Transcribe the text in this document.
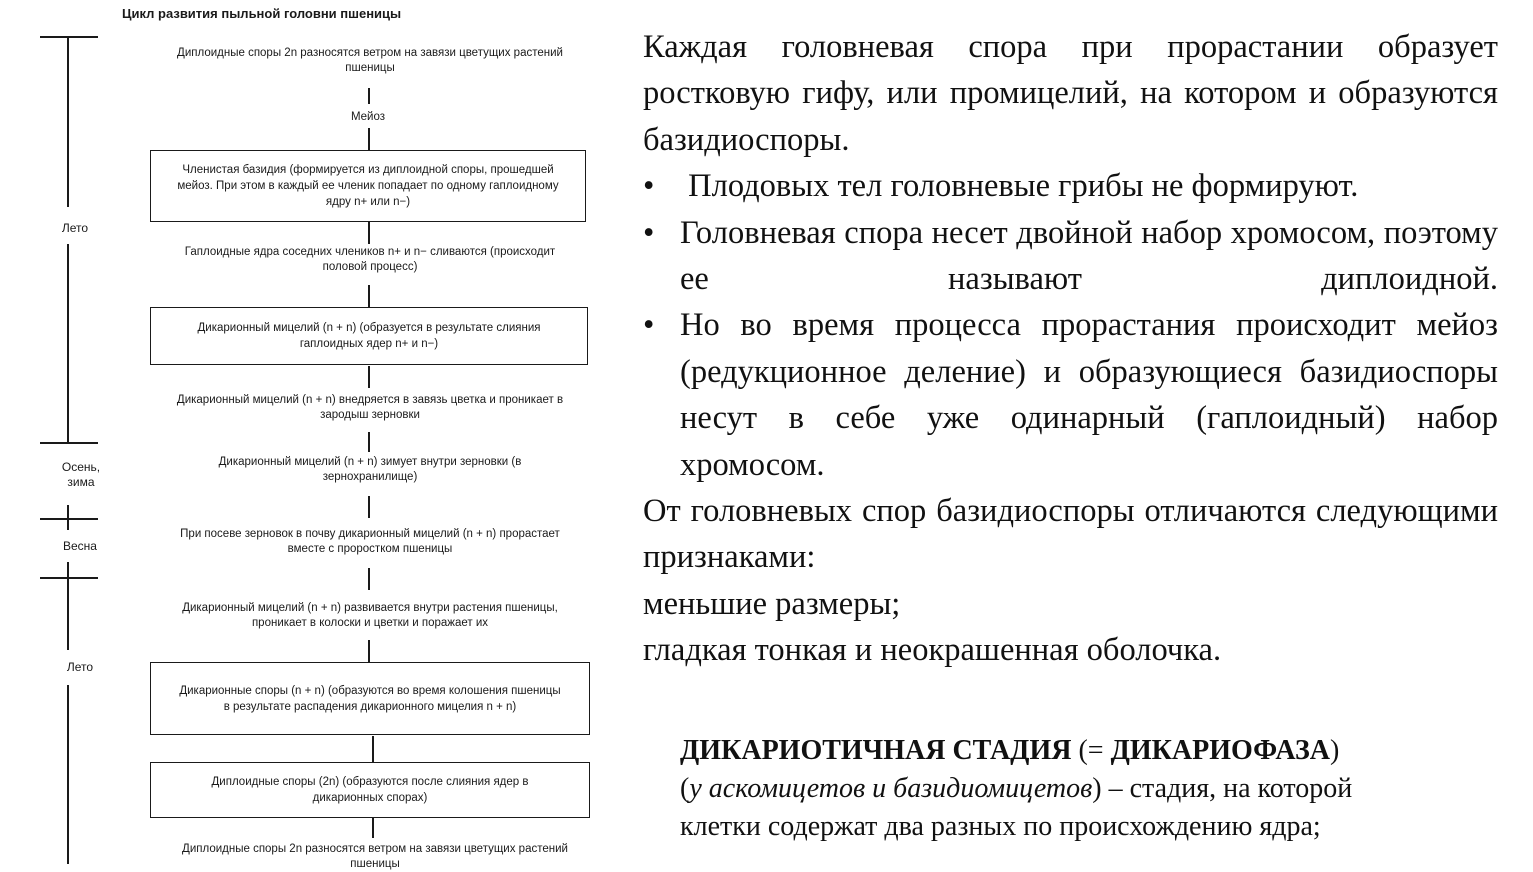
Цикл развития пыльной головни пшеницы
Лето
Осень,
зима
Весна
Лето
Диплоидные споры 2n разносятся ветром на завязи цветущих растений пшеницы
Мейоз
Членистая базидия (формируется из диплоидной споры, прошедшей мейоз. При этом в каждый ее членик попадает по одному гаплоидному ядру n+ или n−)
Гаплоидные ядра соседних члеников n+ и n− сливаются (происходит половой процесс)
Дикарионный мицелий (n + n) (образуется в результате слияния гаплоидных ядер n+ и n−)
Дикарионный мицелий (n + n) внедряется в завязь цветка и проникает в зародыш зерновки
Дикарионный мицелий (n + n) зимует внутри зерновки (в зернохранилище)
При посеве зерновок в почву дикарионный мицелий (n + n) прорастает вместе с проростком пшеницы
Дикарионный мицелий (n + n) развивается внутри растения пшеницы, проникает в колоски и цветки и поражает их
Дикарионные споры (n + n) (образуются во время колошения пшеницы в результате распадения дикарионного мицелия n + n)
Диплоидные споры (2n) (образуются после слияния ядер в дикарионных спорах)
Диплоидные споры 2n разносятся ветром на завязи цветущих растений пшеницы

Каждая головневая спора при прорастании образует ростковую гифу, или промицелий, на котором и образуются базидиоспоры.

• Плодовых тел головневые грибы не формируют.

• Головневая спора несет двойной набор хромосом, поэтому ее называют диплоидной.

• Но во время процесса прорастания происходит мейоз (редукционное деление) и образующиеся базидиоспоры несут в себе уже одинарный (гаплоидный) набор хромосом.

От головневых спор базидиоспоры отличаются следующими признаками:

меньшие размеры;

гладкая тонкая и неокрашенная оболочка.

ДИКАРИОТИЧНАЯ СТАДИЯ (= ДИКАРИОФАЗА)
(у аскомицетов и базидиомицетов) – стадия, на которой
клетки содержат два разных по происхождению ядра;
